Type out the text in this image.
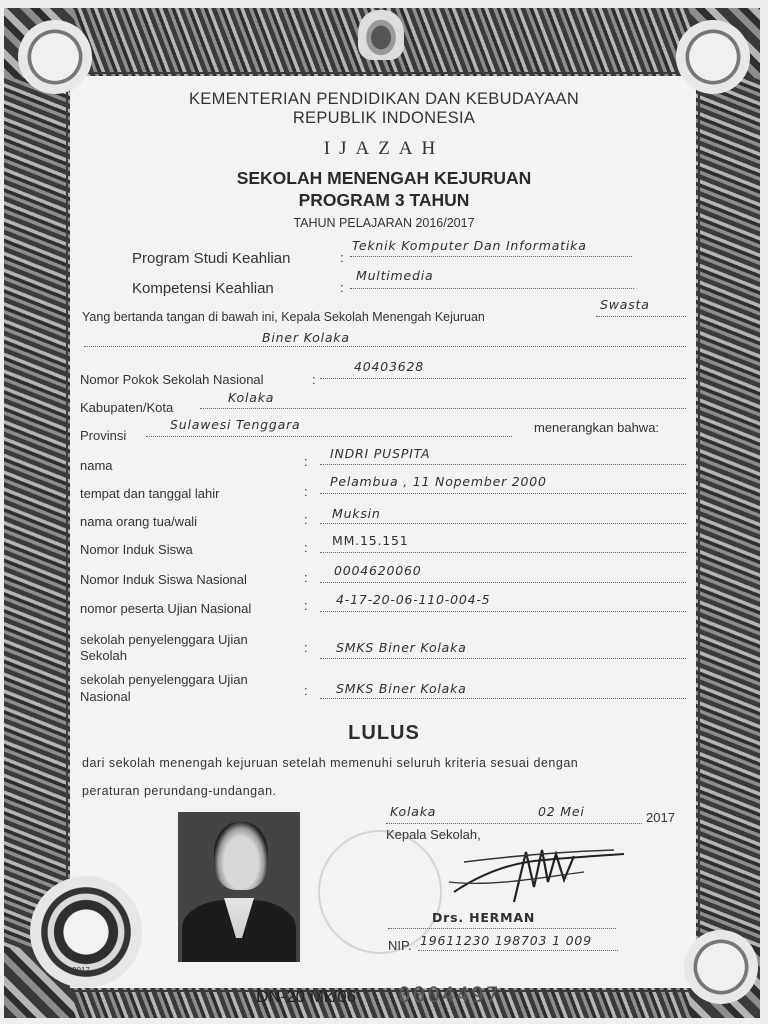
KEMENTERIAN PENDIDIKAN DAN KEBUDAYAAN
REPUBLIK INDONESIA
IJAZAH
SEKOLAH MENENGAH KEJURUAN
PROGRAM 3 TAHUN
TAHUN PELAJARAN 2016/2017
Program Studi Keahlian	:
Teknik Komputer Dan Informatika
Kompetensi Keahlian	:
Multimedia
Yang bertanda tangan di bawah ini, Kepala Sekolah Menengah Kejuruan
Swasta
Biner Kolaka
Nomor Pokok Sekolah Nasional	:
40403628
Kabupaten/Kota
Kolaka
Provinsi
Sulawesi Tenggara	menerangkan bahwa:
nama	:
INDRI PUSPITA
tempat dan tanggal lahir	:
Pelambua , 11 Nopember 2000
nama orang tua/wali	: Muksin
Nomor Induk Siswa	: MM.15.151
Nomor Induk Siswa Nasional	: 0004620060
nomor peserta Ujian Nasional	: 4-17-20-06-110-004-5
sekolah penyelenggara Ujian
Sekolah
: SMKS Biner Kolaka
sekolah penyelenggara Ujian
Nasional	: SMKS Biner Kolaka
LULUS
dari sekolah menengah kejuruan setelah memenuhi seluruh kriteria sesuai dengan
peraturan perundang-undangan.
Kolaka	02 Mei	2017
Kepala Sekolah,
Drs. HERMAN
NIP. 19611230 198703 1 009
2017
DN-20 Mk/06 0004497
